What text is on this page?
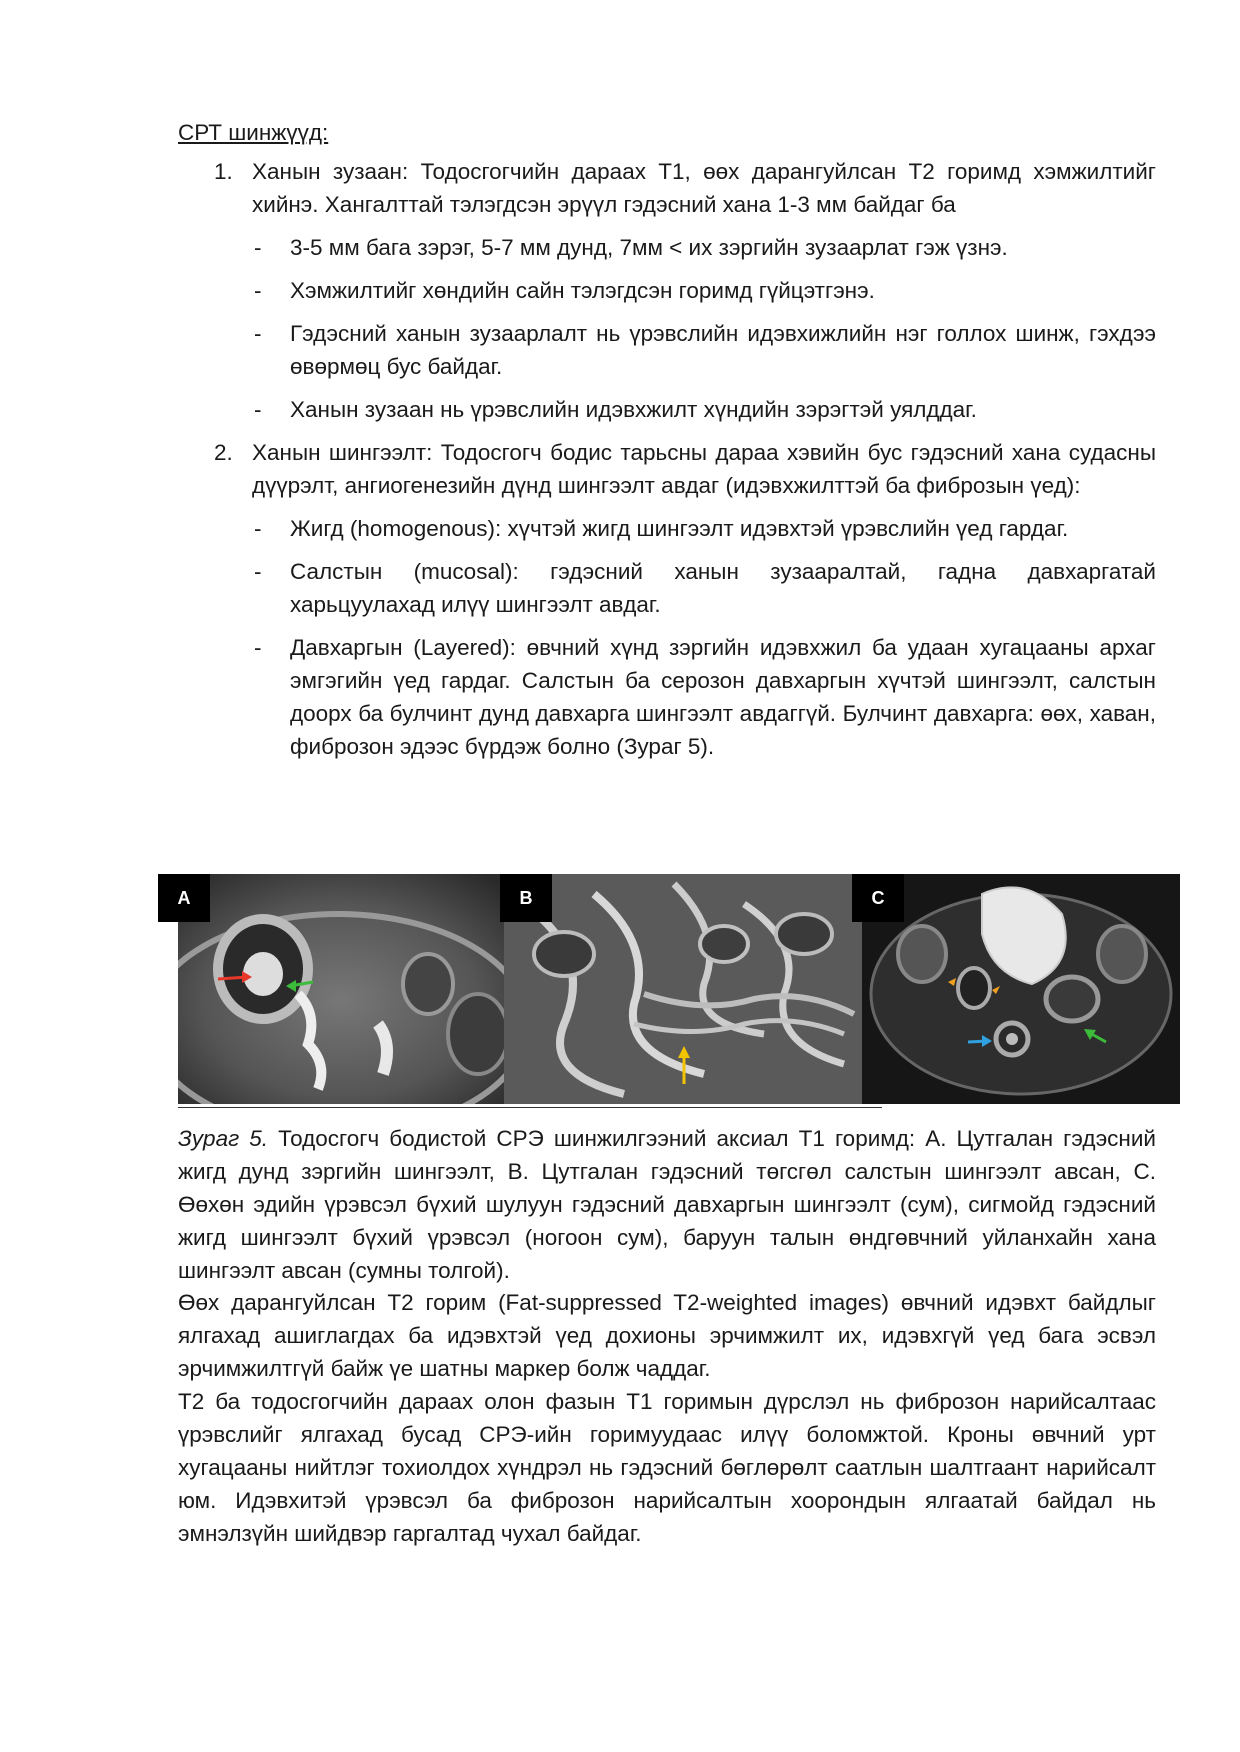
СРТ шинжүүд:
1. Ханын зузаан: Тодосгогчийн дараах T1, өөх дарангуйлсан T2 горимд хэмжилтийг хийнэ. Хангалттай тэлэгдсэн эрүүл гэдэсний хана 1-3 мм байдаг ба
- 3-5 мм бага зэрэг, 5-7 мм дунд, 7мм < их зэргийн зузаарлат гэж үзнэ.
- Хэмжилтийг хөндийн сайн тэлэгдсэн горимд гүйцэтгэнэ.
- Гэдэсний ханын зузаарлалт нь үрэвслийн идэвхижлийн нэг голлох шинж, гэхдээ өвөрмөц бус байдаг.
- Ханын зузаан нь үрэвслийн идэвхжилт хүндийн зэрэгтэй уялддаг.
2. Ханын шингээлт: Тодосгогч бодис тарьсны дараа хэвийн бус гэдэсний хана судасны дүүрэлт, ангиогенезийн дүнд шингээлт авдаг (идэвхжилттэй ба фиброзын үед):
- Жигд (homogenous): хүчтэй жигд шингээлт идэвхтэй үрэвслийн үед гардаг.
- Салстын (mucosal): гэдэсний ханын зузааралтай, гадна давхаргатай харьцуулахад илүү шингээлт авдаг.
- Давхаргын (Layered): өвчний хүнд зэргийн идэвхжил ба удаан хугацааны архаг эмгэгийн үед гардаг. Салстын ба серозон давхаргын хүчтэй шингээлт, салстын доорх ба булчинт дунд давхарга шингээлт авдаггүй. Булчинт давхарга: өөх, хаван, фиброзон эдээс бүрдэж болно (Зураг 5).
A	B	C
Зураг 5. Тодосгогч бодистой СРЭ шинжилгээний аксиал T1 горимд: А. Цутгалан гэдэсний жигд дунд зэргийн шингээлт, В. Цутгалан гэдэсний төгсгөл салстын шингээлт авсан, С. Өөхөн эдийн үрэвсэл бүхий шулуун гэдэсний давхаргын шингээлт (сум), сигмойд гэдэсний жигд шингээлт бүхий үрэвсэл (ногоон сум), баруун талын өндгөвчний уйланхайн хана шингээлт авсан (сумны толгой).
Өөх дарангуйлсан T2 горим (Fat-suppressed T2-weighted images) өвчний идэвхт байдлыг ялгахад ашиглагдах ба идэвхтэй үед дохионы эрчимжилт их, идэвхгүй үед бага эсвэл эрчимжилтгүй байж үе шатны маркер болж чаддаг.
T2 ба тодосгогчийн дараах олон фазын T1 горимын дүрслэл нь фиброзон нарийсалтаас үрэвслийг ялгахад бусад СРЭ-ийн горимуудаас илүү боломжтой. Кроны өвчний урт хугацааны нийтлэг тохиолдох хүндрэл нь гэдэсний бөглөрөлт саатлын шалтгаант нарийсалт юм. Идэвхитэй үрэвсэл ба фиброзон нарийсалтын хоорондын ялгаатай байдал нь эмнэлзүйн шийдвэр гаргалтад чухал байдаг.
